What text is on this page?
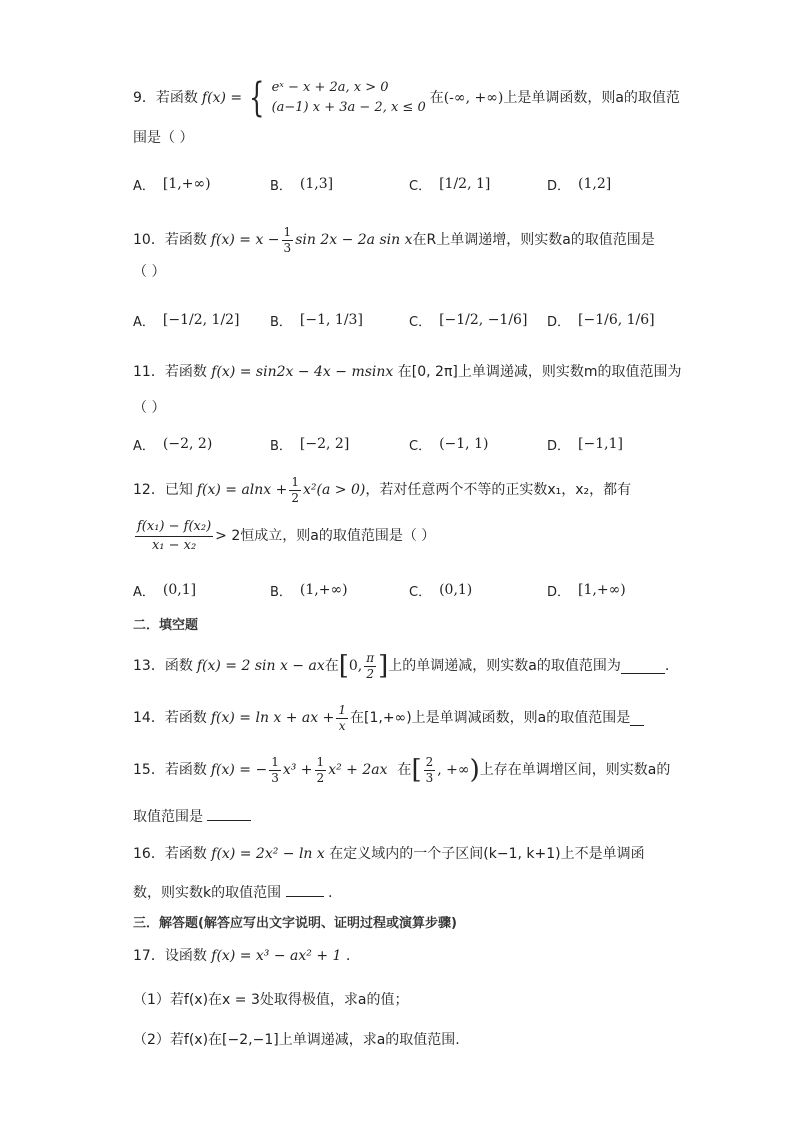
9．若函数 f(x) = { eˣ − x + 2a, x > 0
(a−1) x + 3a − 2, x ≤ 0
在 (-∞, +∞) 上是单调函数，则a的取值范
围是（ ）
A． [1,+∞)	B． (1,3]	C． [1/2, 1]	D． (1,2]
10．若函数 $f(x) = x - \frac{1}{3}$ sin 2x − 2a sin x 在R上单调递增，则实数a的取值范围是
（ ）
A． [−1/2, 1/2] B． [−1, 1/3]	C． [−1/2, −1/6] D． [−1/6, 1/6]
11．若函数 f(x) = sin2x − 4x − msinx 在[0, 2π]上单调递减，则实数m的取值范围为
（ ）
A． (−2, 2)	B． [−2, 2]	C． (−1, 1)	D． [−1,1]
12．已知 $f(x) = alnx + \frac{1}{2} x^2(a > 0)$ ，若对任意两个不等的正实数x₁，x₂，都有
$\frac{\text{f(x₁) − f(x₂)}}{\text{x₁ − x₂}} > 2$恒成立，则a的取值范围是（ ）
A． (0,1]	B． (1,+∞)	C． (0,1)	D． [1,+∞)
二．填空题
13．函数 f(x) = 2 sin x − ax 在 [ 0, $\frac{\pi}{2}$ ] 上的单调递减，则实数a的取值范围为	.
14．若函数 f(x) = ln x + ax + $\frac{1}{x}$ 在[1,+∞)上是单调减函数，则a的取值范围是
15．若函数 f(x) = − $\frac{1}{3} x^3 + \frac{1}{2} x^2 + 2ax$ 在 [ $\frac{2}{3}$ , +∞ ) 上存在单调增区间，则实数a的
取值范围是
16．若函数 f(x) = 2x² − ln x 在定义域内的一个子区间(k−1, k+1)上不是单调函
数，则实数k的取值范围	.
三．解答题(解答应写出文字说明、证明过程或演算步骤)
17．设函数 f(x) = x³ − ax² + 1 .
（1）若f(x)在x = 3处取得极值，求a的值；
（2）若f(x)在[−2,−1]上单调递减，求a的取值范围.
